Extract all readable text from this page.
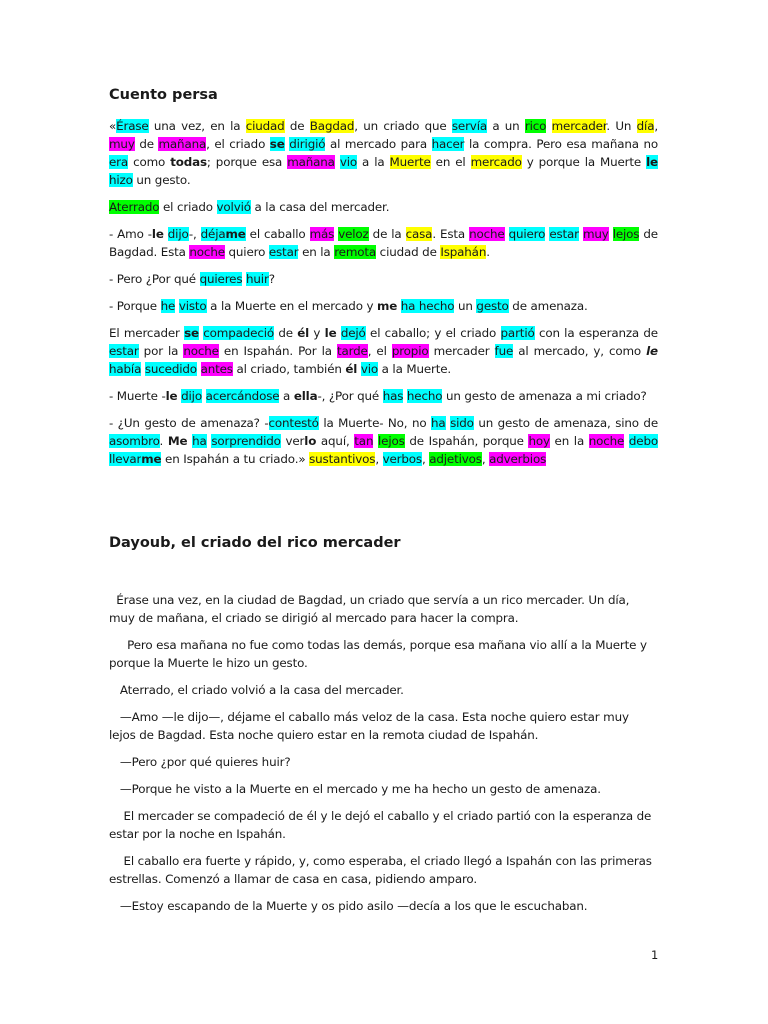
Cuento persa

«Érase una vez, en la ciudad de Bagdad, un criado que servía a un rico mercader. Un día, muy de mañana, el criado se dirigió al mercado para hacer la compra. Pero esa mañana no era como todas; porque esa mañana vio a la Muerte en el mercado y porque la Muerte le hizo un gesto.

Aterrado el criado volvió a la casa del mercader.

- Amo -le dijo-, déjame el caballo más veloz de la casa. Esta noche quiero estar muy lejos de Bagdad. Esta noche quiero estar en la remota ciudad de Ispahán.

- Pero ¿Por qué quieres huir?

- Porque he visto a la Muerte en el mercado y me ha hecho un gesto de amenaza.

El mercader se compadeció de él y le dejó el caballo; y el criado partió con la esperanza de estar por la noche en Ispahán. Por la tarde, el propio mercader fue al mercado, y, como le había sucedido antes al criado, también él vio a la Muerte.

- Muerte -le dijo acercándose a ella-, ¿Por qué has hecho un gesto de amenaza a mi criado?

- ¿Un gesto de amenaza? -contestó la Muerte- No, no ha sido un gesto de amenaza, sino de asombro. Me ha sorprendido verlo aquí, tan lejos de Ispahán, porque hoy en la noche debo llevarme en Ispahán a tu criado.» sustantivos, verbos, adjetivos, adverbios

Dayoub, el criado del rico mercader

Érase una vez, en la ciudad de Bagdad, un criado que servía a un rico mercader. Un día, muy de mañana, el criado se dirigió al mercado para hacer la compra.

Pero esa mañana no fue como todas las demás, porque esa mañana vio allí a la Muerte y porque la Muerte le hizo un gesto.

Aterrado, el criado volvió a la casa del mercader.

—Amo —le dijo—, déjame el caballo más veloz de la casa. Esta noche quiero estar muy lejos de Bagdad. Esta noche quiero estar en la remota ciudad de Ispahán.

—Pero ¿por qué quieres huir?

—Porque he visto a la Muerte en el mercado y me ha hecho un gesto de amenaza.

El mercader se compadeció de él y le dejó el caballo y el criado partió con la esperanza de estar por la noche en Ispahán.

El caballo era fuerte y rápido, y, como esperaba, el criado llegó a Ispahán con las primeras estrellas. Comenzó a llamar de casa en casa, pidiendo amparo.

—Estoy escapando de la Muerte y os pido asilo —decía a los que le escuchaban.

1
